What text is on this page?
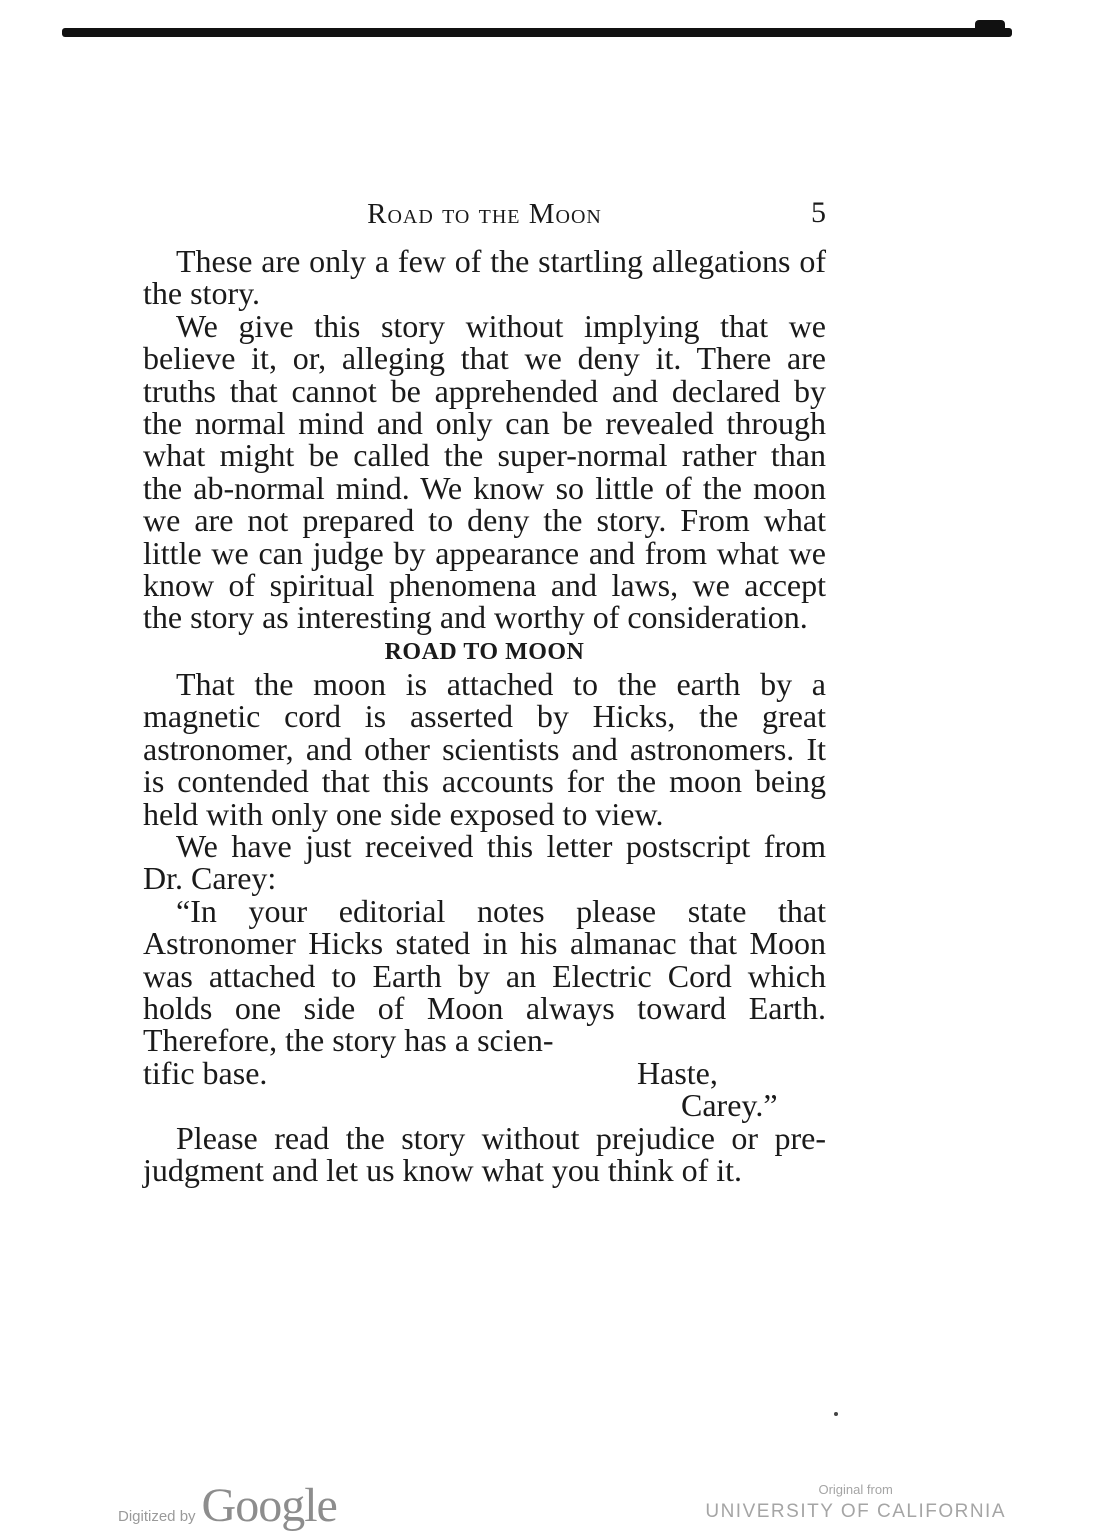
Road to the Moon	5

These are only a few of the startling allegations of the story.

We give this story without implying that we believe it, or, alleging that we deny it. There are truths that cannot be apprehended and declared by the normal mind and only can be revealed through what might be called the super-normal rather than the ab-normal mind. We know so little of the moon we are not prepared to deny the story. From what little we can judge by appearance and from what we know of spiritual phenomena and laws, we accept the story as interesting and worthy of consideration.

ROAD TO MOON

That the moon is attached to the earth by a magnetic cord is asserted by Hicks, the great astronomer, and other scientists and astronomers. It is contended that this accounts for the moon being held with only one side exposed to view.

We have just received this letter postscript from Dr. Carey:

“In your editorial notes please state that Astronomer Hicks stated in his almanac that Moon was attached to Earth by an Electric Cord which holds one side of Moon always toward Earth. Therefore, the story has a scien-

tific base.	Haste,
Carey.”

Please read the story without prejudice or pre-judgment and let us know what you think of it.

Digitized by Google	Original from
UNIVERSITY OF CALIFORNIA
